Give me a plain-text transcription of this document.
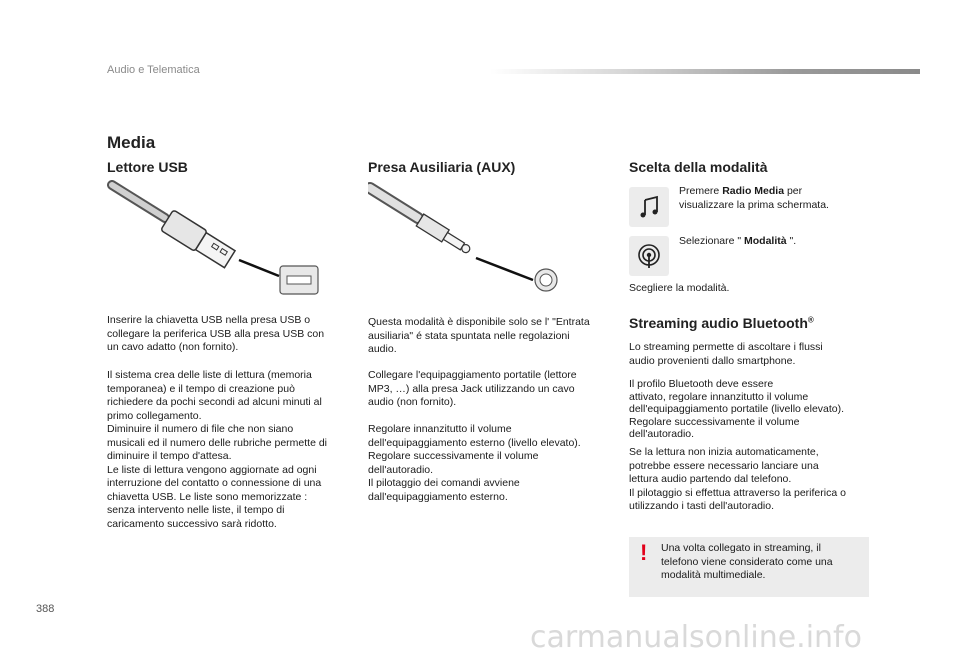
Audio e Telematica
Media
Lettore USB
Inserire la chiavetta USB nella presa USB o
collegare la periferica USB alla presa USB con
un cavo adatto (non fornito).
Il sistema crea delle liste di lettura (memoria
temporanea) e il tempo di creazione può
richiedere da pochi secondi ad alcuni minuti al
primo collegamento.
Diminuire il numero di file che non siano
musicali ed il numero delle rubriche permette di
diminuire il tempo d'attesa.
Le liste di lettura vengono aggiornate ad ogni
interruzione del contatto o connessione di una
chiavetta USB. Le liste sono memorizzate :
senza intervento nelle liste, il tempo di
caricamento successivo sarà ridotto.
Presa Ausiliaria (AUX)
Questa modalità è disponibile solo se l' "Entrata
ausiliaria" é stata spuntata nelle regolazioni
audio.
Collegare l'equipaggiamento portatile (lettore
MP3, …) alla presa Jack utilizzando un cavo
audio (non fornito).
Regolare innanzitutto il volume
dell'equipaggiamento esterno (livello elevato).
Regolare successivamente il volume
dell'autoradio.
Il pilotaggio dei comandi avviene
dall'equipaggiamento esterno.
Scelta della modalità
Premere Radio Media per
visualizzare la prima schermata.
Selezionare " Modalità ".
Scegliere la modalità.
Streaming audio Bluetooth®
Lo streaming permette di ascoltare i flussi
audio provenienti dallo smartphone.
Il profilo Bluetooth deve essere
attivato, regolare innanzitutto il volume
dell'equipaggiamento portatile (livello elevato).
Regolare successivamente il volume
dell'autoradio.
Se la lettura non inizia automaticamente,
potrebbe essere necessario lanciare una
lettura audio partendo dal telefono.
Il pilotaggio si effettua attraverso la periferica o
utilizzando i tasti dell'autoradio.
! Una volta collegato in streaming, il
telefono viene considerato come una
modalità multimediale.
388
carmanualsonline.info
